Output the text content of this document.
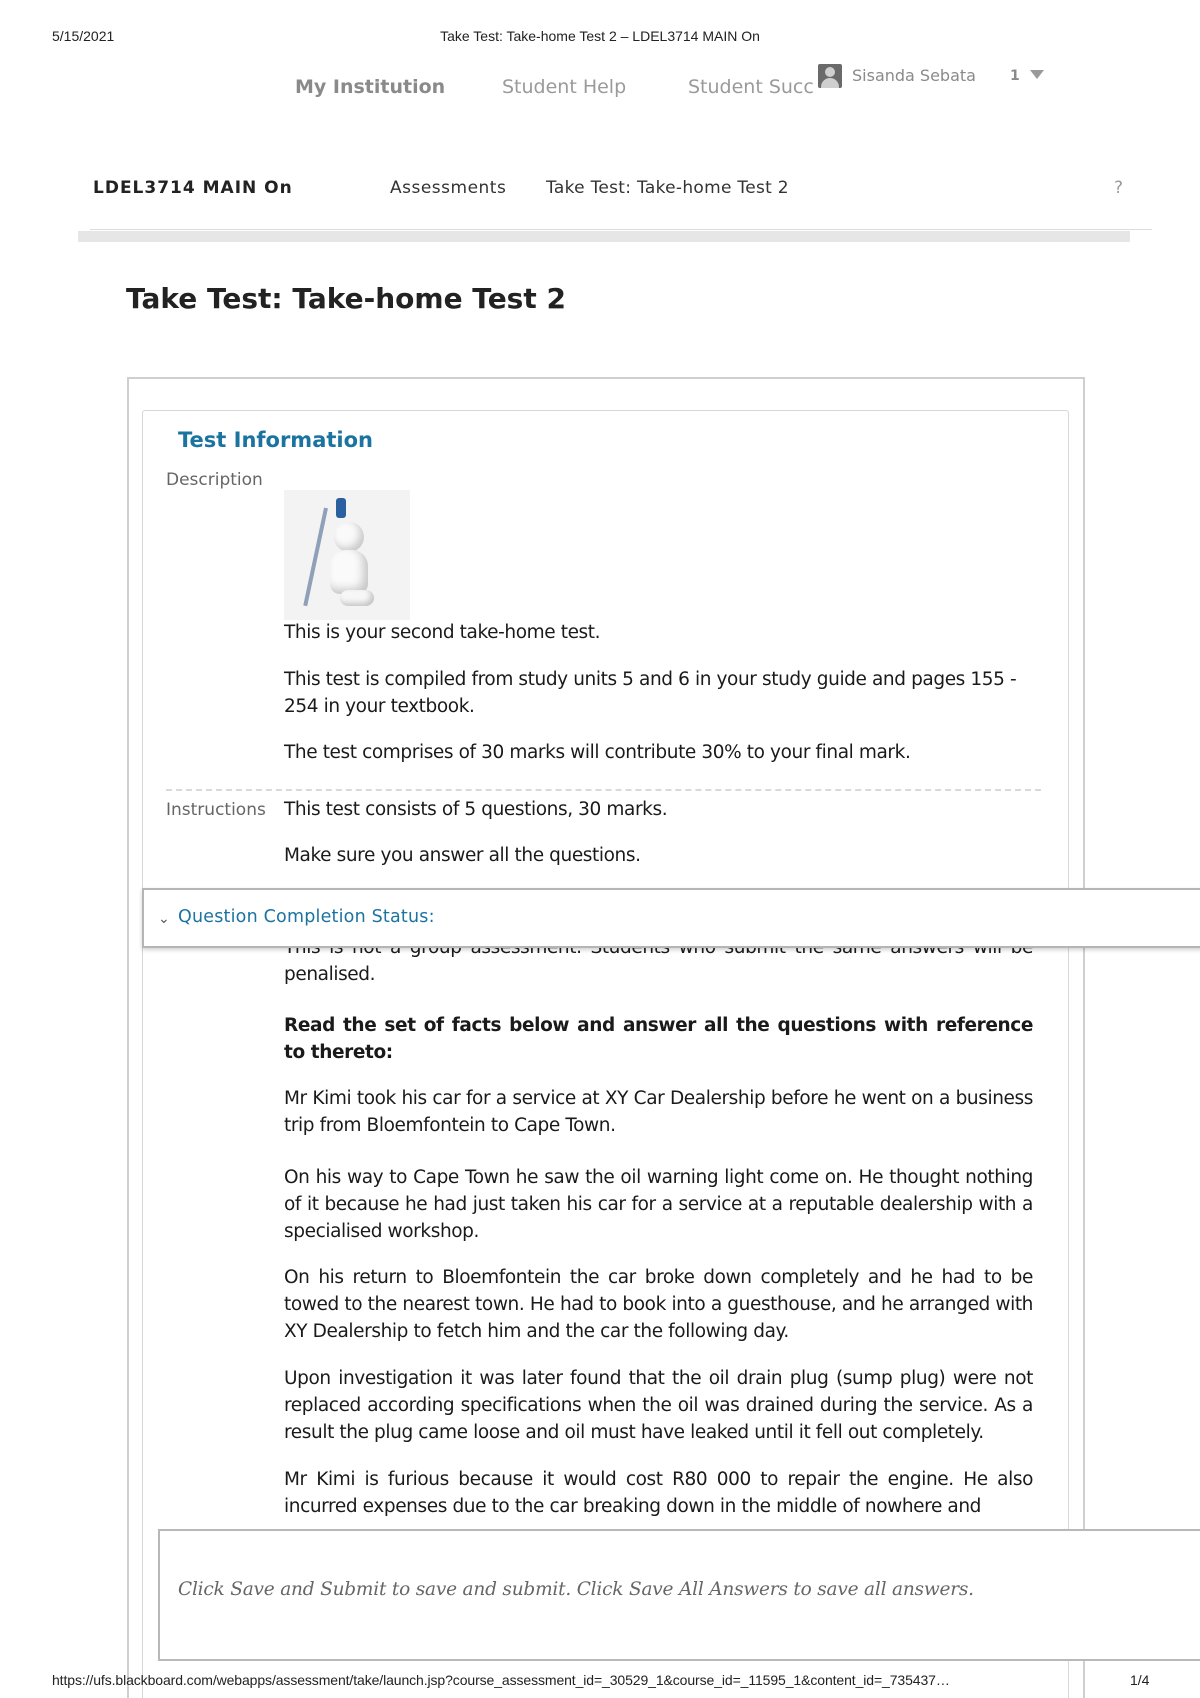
5/15/2021	Take Test: Take-home Test 2 – LDEL3714 MAIN On
My Institution	Student Help	Student Succ
Sisanda Sebata 1
LDEL3714 MAIN On	Assessments Take Test: Take-home Test 2	?
Take Test: Take-home Test 2
Test Information
Description

This is your second take-home test.

This test is compiled from study units 5 and 6 in your study guide and pages 155 - 254 in your textbook.

The test comprises of 30 marks will contribute 30% to your final mark.

Instructions This test consists of 5 questions, 30 marks.

Make sure you answer all the questions.

penalised.

Read the set of facts below and answer all the questions with reference to thereto:

Mr Kimi took his car for a service at XY Car Dealership before he went on a business trip from Bloemfontein to Cape Town.

On his way to Cape Town he saw the oil warning light come on. He thought nothing of it because he had just taken his car for a service at a reputable dealership with a specialised workshop.

On his return to Bloemfontein the car broke down completely and he had to be towed to the nearest town. He had to book into a guesthouse, and he arranged with XY Dealership to fetch him and the car the following day.

Upon investigation it was later found that the oil drain plug (sump plug) were not replaced according specifications when the oil was drained during the service. As a result the plug came loose and oil must have leaked until it fell out completely.

Mr Kimi is furious because it would cost R80 000 to repair the engine. He also incurred expenses due to the car breaking down in the middle of nowhere and

⌄ Question Completion Status:
Click Save and Submit to save and submit. Click Save All Answers to save all answers.
https://ufs.blackboard.com/webapps/assessment/take/launch.jsp?course_assessment_id=_30529_1&course_id=_11595_1&content_id=_735437…	1/4
